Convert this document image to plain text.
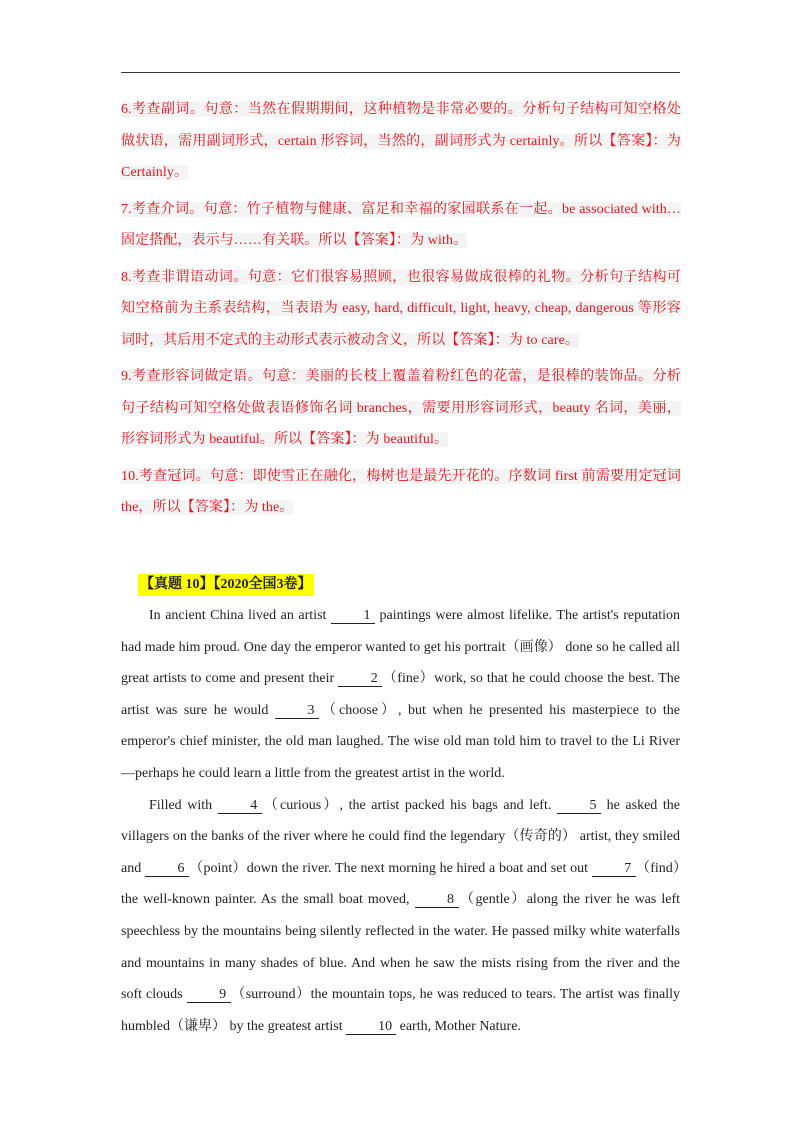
6.考查副词。句意：当然在假期期间，这种植物是非常必要的。分析句子结构可知空格处做状语，需用副词形式，certain 形容词，当然的，副词形式为 certainly。所以【答案】：为 Certainly。

7.考查介词。句意：竹子植物与健康、富足和幸福的家园联系在一起。be associated with…固定搭配，表示与……有关联。所以【答案】：为 with。

8.考查非谓语动词。句意：它们很容易照顾，也很容易做成很棒的礼物。分析句子结构可知空格前为主系表结构，当表语为 easy, hard, difficult, light, heavy, cheap, dangerous 等形容词时，其后用不定式的主动形式表示被动含义，所以【答案】：为 to care。

9.考查形容词做定语。句意：美丽的长枝上覆盖着粉红色的花蕾，是很棒的装饰品。分析句子结构可知空格处做表语修饰名词 branches，需要用形容词形式，beauty 名词，美丽，形容词形式为 beautiful。所以【答案】：为 beautiful。

10.考查冠词。句意：即使雪正在融化，梅树也是最先开花的。序数词 first 前需要用定冠词 the，所以【答案】：为 the。

【真题 10】【2020全国3卷】

In ancient China lived an artist 1 paintings were almost lifelike. The artist's reputation had made him proud. One day the emperor wanted to get his portrait（画像） done so he called all great artists to come and present their 2 （fine）work, so that he could choose the best. The artist was sure he would 3 （choose）, but when he presented his masterpiece to the emperor's chief minister, the old man laughed. The wise old man told him to travel to the Li River—perhaps he could learn a little from the greatest artist in the world.

Filled with 4 （curious）, the artist packed his bags and left. 5 he asked the villagers on the banks of the river where he could find the legendary（传奇的） artist, they smiled and 6 （point）down the river. The next morning he hired a boat and set out 7 （find）the well-known painter. As the small boat moved, 8 （gentle）along the river he was left speechless by the mountains being silently reflected in the water. He passed milky white waterfalls and mountains in many shades of blue. And when he saw the mists rising from the river and the soft clouds 9 （surround）the mountain tops, he was reduced to tears. The artist was finally humbled（谦卑） by the greatest artist 10 earth, Mother Nature.
